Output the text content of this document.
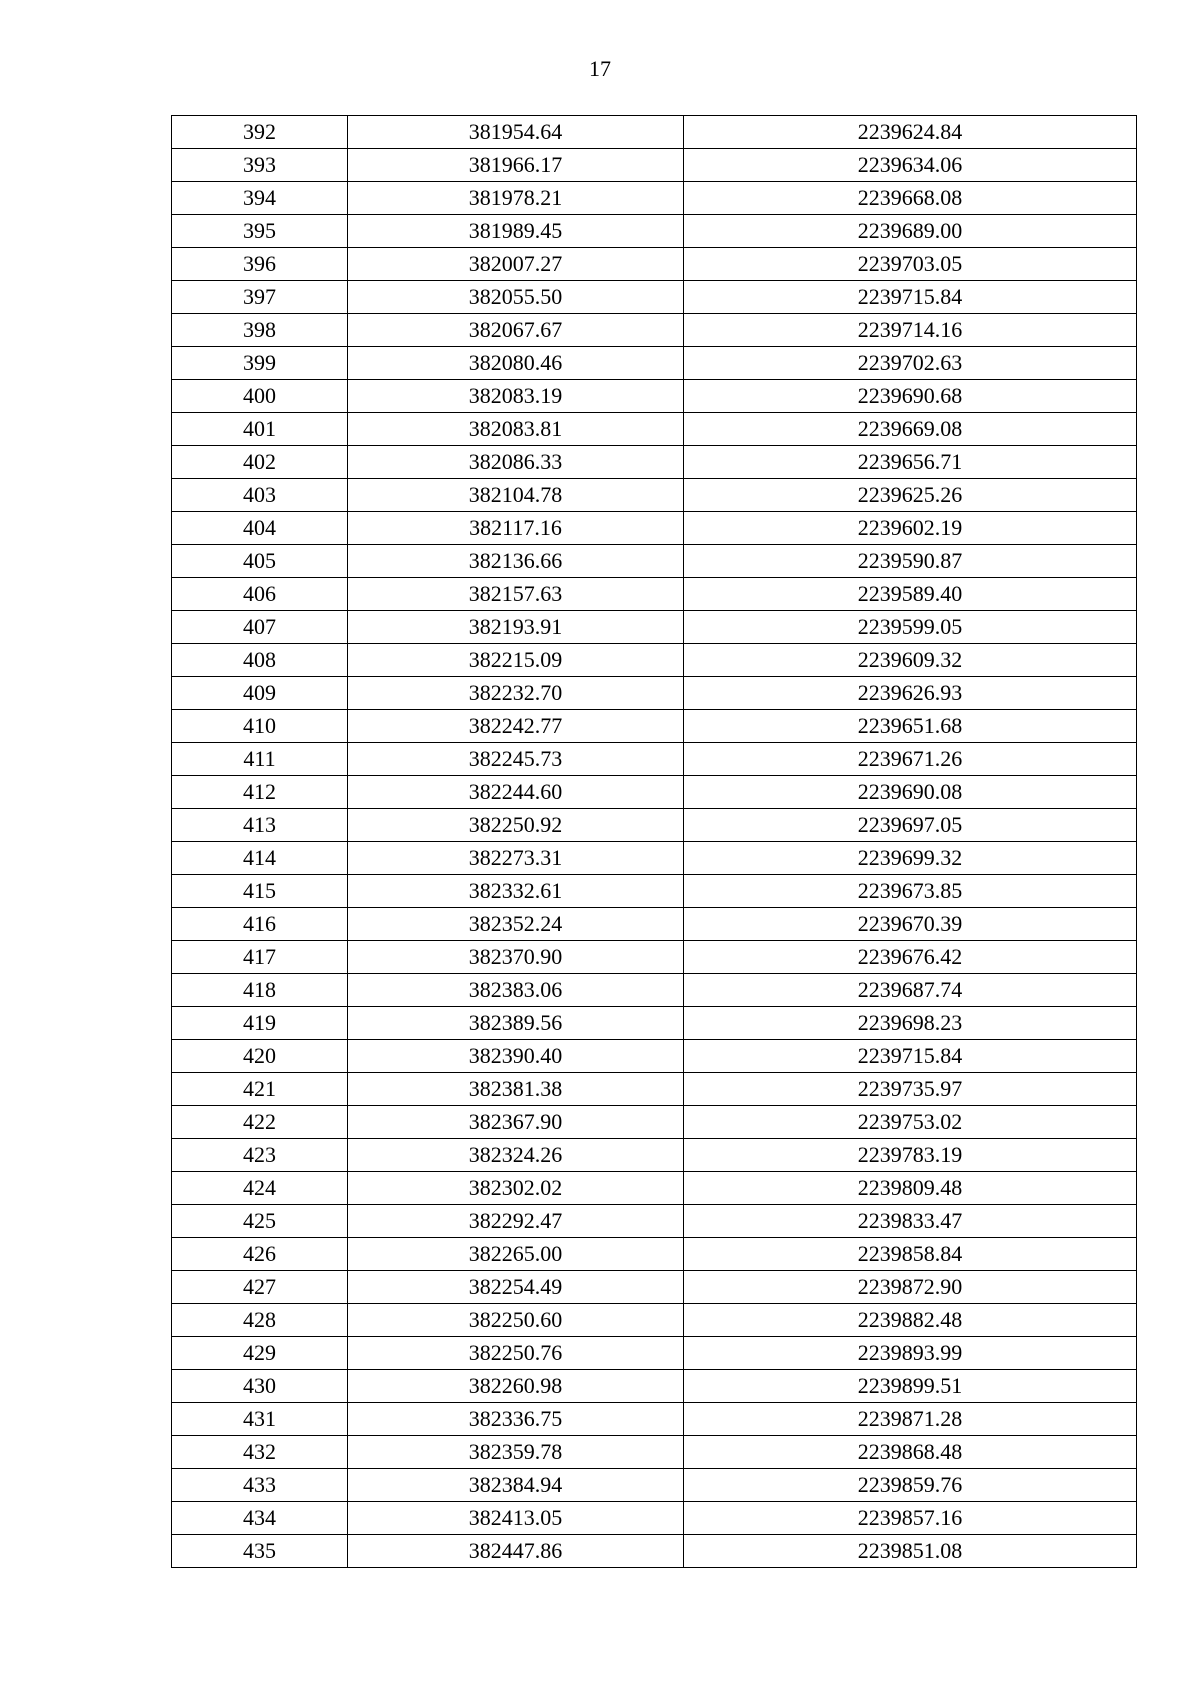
17
392	381954.64	2239624.84
393	381966.17	2239634.06
394	381978.21	2239668.08
395	381989.45	2239689.00
396	382007.27	2239703.05
397	382055.50	2239715.84
398	382067.67	2239714.16
399	382080.46	2239702.63
400	382083.19	2239690.68
401	382083.81	2239669.08
402	382086.33	2239656.71
403	382104.78	2239625.26
404	382117.16	2239602.19
405	382136.66	2239590.87
406	382157.63	2239589.40
407	382193.91	2239599.05
408	382215.09	2239609.32
409	382232.70	2239626.93
410	382242.77	2239651.68
411	382245.73	2239671.26
412	382244.60	2239690.08
413	382250.92	2239697.05
414	382273.31	2239699.32
415	382332.61	2239673.85
416	382352.24	2239670.39
417	382370.90	2239676.42
418	382383.06	2239687.74
419	382389.56	2239698.23
420	382390.40	2239715.84
421	382381.38	2239735.97
422	382367.90	2239753.02
423	382324.26	2239783.19
424	382302.02	2239809.48
425	382292.47	2239833.47
426	382265.00	2239858.84
427	382254.49	2239872.90
428	382250.60	2239882.48
429	382250.76	2239893.99
430	382260.98	2239899.51
431	382336.75	2239871.28
432	382359.78	2239868.48
433	382384.94	2239859.76
434	382413.05	2239857.16
435	382447.86	2239851.08
